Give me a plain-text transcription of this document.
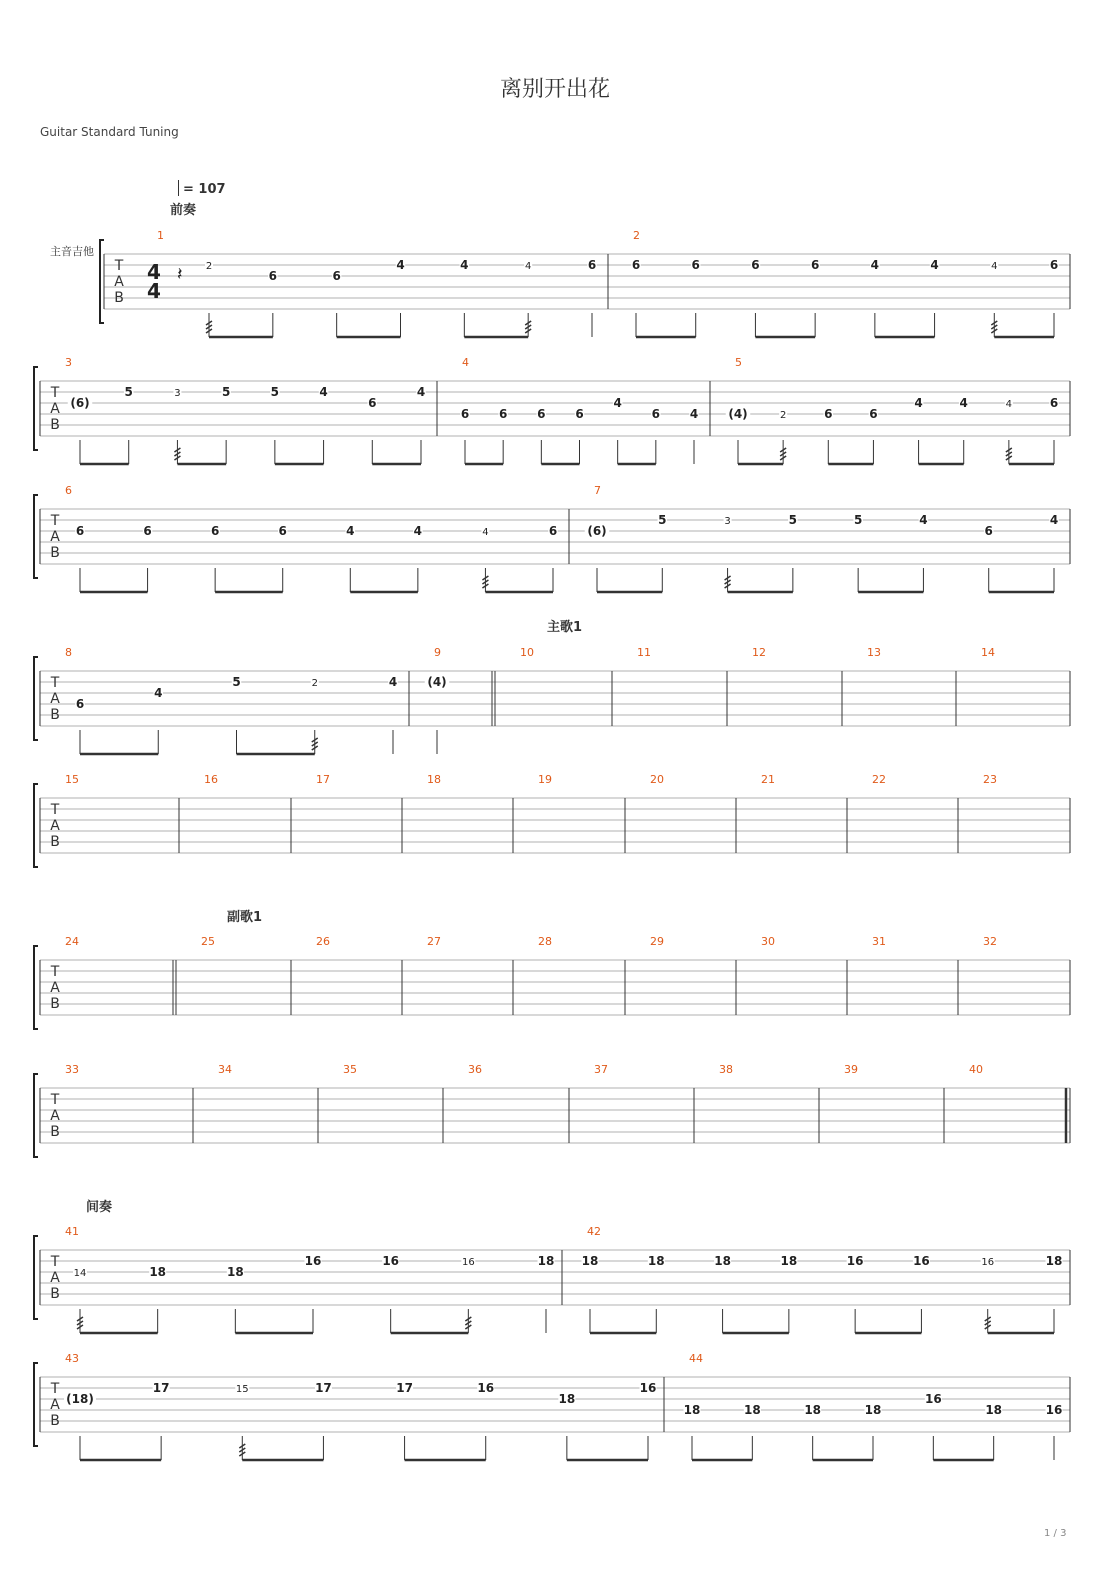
离别开出花
Guitar Standard Tuning
= 107
前奏
主歌1
副歌1
间奏
主音吉他
1 / 3
T
A
B
4
4
𝄽
1
2
6	6
4	4	4	6
2
6	6	6	6	4	4	4	6
T
A
B
3
(6)
5	3	5	5	4
6
4
4
6 6 6 6
4
6 4
5
(4)	2	6	6
4	4	4	6
T
A
B
6
6	6	6	6	4	4	4	6
7
(6)
5	3	5	5	4
6
4
T
A
B
8
6
4
5	2	4
9
(4)
10	11	12	13	14
T
A
B
15	16	17	18	19	20	21	22	23
T
A
B
24	25	26	27	28	29	30	31	32
T
A
B
33	34	35	36	37	38	39	40
T
A
B
41
14	18	18
16	16	16	18
42
18	18	18	18	16	16	16	18
T
A
B
43
(18)
17	15	17	17	16
18
16
44
18	18	18	18
16
18	16
